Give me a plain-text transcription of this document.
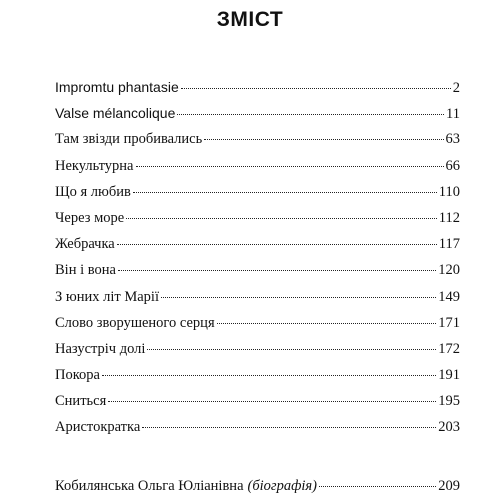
ЗМІСТ
Impromtu phantasie	2
Valse mélancolique	11
Там звізди пробивались	63
Некультурна	66
Що я любив	110
Через море	112
Жебрачка	117
Він і вона	120
З юних літ Марії	149
Слово зворушеного серця	171
Назустріч долі	172
Покора	191
Сниться	195
Аристократка	203
Кобилянська Ольга Юліанівна (біографія)	209
